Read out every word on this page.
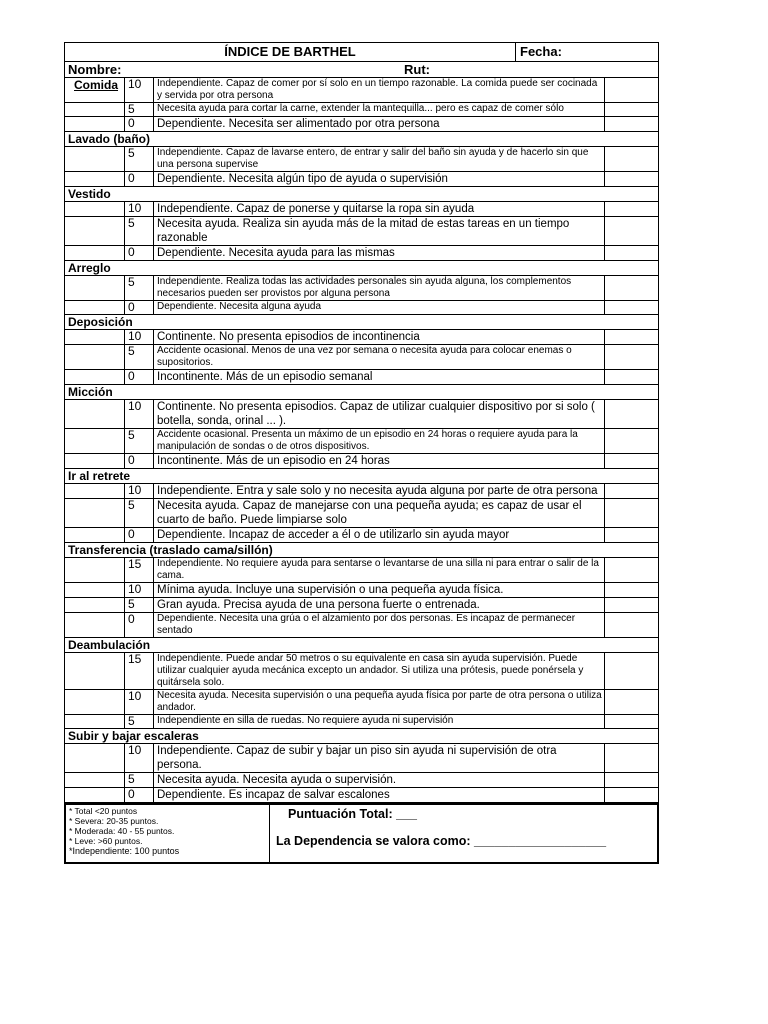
ÍNDICE DE BARTHEL	Fecha:
Nombre:	Rut:
Comida 10	Independiente. Capaz de comer por sí solo en un tiempo razonable. La comida puede ser cocinada y servida por otra persona
5	Necesita ayuda para cortar la carne, extender la mantequilla... pero es capaz de comer sólo
0	Dependiente. Necesita ser alimentado por otra persona
Lavado (baño)
5	Independiente. Capaz de lavarse entero, de entrar y salir del baño sin ayuda y de hacerlo sin que una persona supervise
0	Dependiente. Necesita algún tipo de ayuda o supervisión
Vestido
10	Independiente. Capaz de ponerse y quitarse la ropa sin ayuda
5	Necesita ayuda. Realiza sin ayuda más de la mitad de estas tareas en un tiempo razonable
0	Dependiente. Necesita ayuda para las mismas
Arreglo
5	Independiente. Realiza todas las actividades personales sin ayuda alguna, los complementos necesarios pueden ser provistos por alguna persona
0	Dependiente. Necesita alguna ayuda
Deposición
10	Continente. No presenta episodios de incontinencia
5	Accidente ocasional. Menos de una vez por semana o necesita ayuda para colocar enemas o supositorios.
0	Incontinente. Más de un episodio semanal
Micción
10	Continente. No presenta episodios. Capaz de utilizar cualquier dispositivo por si solo ( botella, sonda, orinal ... ).
5	Accidente ocasional. Presenta un máximo de un episodio en 24 horas o requiere ayuda para la manipulación de sondas o de otros dispositivos.
0	Incontinente. Más de un episodio en 24 horas
Ir al retrete
10	Independiente. Entra y sale solo y no necesita ayuda alguna por parte de otra persona
5	Necesita ayuda. Capaz de manejarse con una pequeña ayuda; es capaz de usar el cuarto de baño. Puede limpiarse solo
0	Dependiente. Incapaz de acceder a él o de utilizarlo sin ayuda mayor
Transferencia (traslado cama/sillón)
15	Independiente. No requiere ayuda para sentarse o levantarse de una silla ni para entrar o salir de la cama.
10	Mínima ayuda. Incluye una supervisión o una pequeña ayuda física.
5	Gran ayuda. Precisa ayuda de una persona fuerte o entrenada.
0	Dependiente. Necesita una grúa o el alzamiento por dos personas. Es incapaz de permanecer sentado
Deambulación
15	Independiente. Puede andar 50 metros o su equivalente en casa sin ayuda supervisión. Puede utilizar cualquier ayuda mecánica excepto un andador. Si utiliza una prótesis, puede ponérsela y quitársela solo.
10	Necesita ayuda. Necesita supervisión o una pequeña ayuda física por parte de otra persona o utiliza andador.
5	Independiente en silla de ruedas. No requiere ayuda ni supervisión
Subir y bajar escaleras
10	Independiente. Capaz de subir y bajar un piso sin ayuda ni supervisión de otra persona.
5	Necesita ayuda. Necesita ayuda o supervisión.
0	Dependiente. Es incapaz de salvar escalones
* Total <20 puntos
* Severa: 20-35 puntos.
* Moderada: 40 - 55 puntos.
* Leve: >60 puntos.
*Independiente: 100 puntos
Puntuación Total: ___
La Dependencia se valora como: ___________________
